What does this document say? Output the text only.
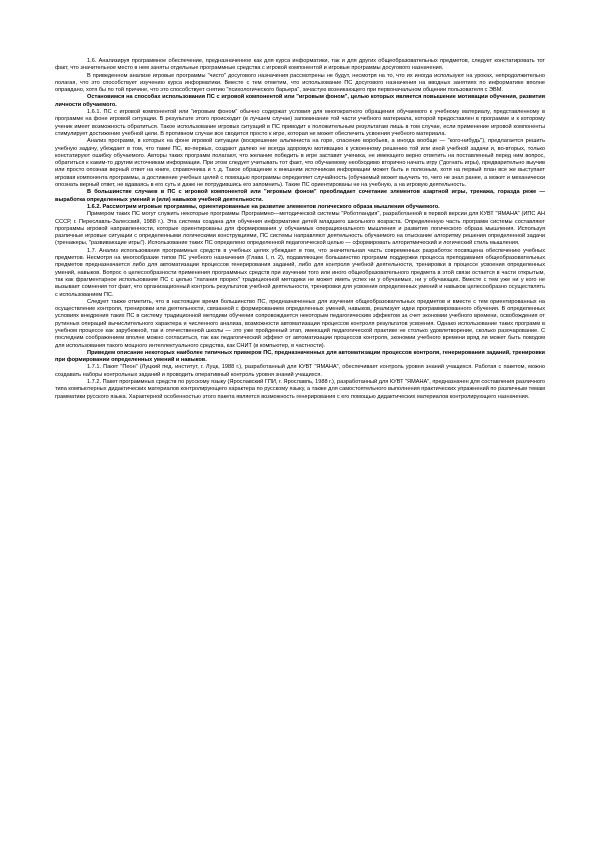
1.6. Анализируя программное обеспечение, предназначенное как для курса информатики, так и для других общеобразовательных предметов, следует констатировать тот факт, что значительное место в нем заняты отдельные программные средства с игровой компонентой и игровые программы досугового назначения.

В приведенном анализе игровые программы "чисто" досугового назначения рассмотрены не будут, несмотря на то, что их иногда используют на уроках, непродолжительно полагая, что это способствует изучению курса информатики. Вместе с тем отметим, что использование ПС досугового назначения на вводных занятиях по информатике вполне оправдано, хотя бы по той причине, что это способствует снятию "психологического барьера", зачастую возникающего при первоначальном общении пользователя с ЭВМ.

Остановимся на способах использования ПС с игровой компонентой или "игровым фоном", целью которых является повышение мотивации обучения, развития личности обучаемого.

1.6.1. ПС с игровой компонентой или "игровым фоном" обычно содержат условия для многократного обращения обучаемого к учебному материалу, представленному в программе на фоне игровой ситуации. В результате этого происходит (в лучшем случае) запоминание той части учебного материала, которой предоставлен в программе и к которому ученик имеет возможность обратиться. Такое использование игровых ситуаций в ПС приводит к положительным результатам лишь в том случае, если применение игровой компоненты стимулирует достижение учебной цели. В противном случае все сводится просто к игре, которая не может обеспечить усвоения учебного материала.

Анализ программ, в которых на фоне игровой ситуации (воскрешение альпиниста на горе, спасение воробьев, а иногда вообще — "кого-нибудь"), предлагается решить учебную задачу, убеждает в том, что такие ПС, во-первых, создают далеко не всегда здоровую мотивацию к усвоенному решению той или иной учебной задачи и, во-вторых, только констатируют ошибку обучаемого. Авторы таких программ полагают, что желание победить в игре заставит ученика, не имеющего верно ответить на поставленный перед ним вопрос, обратиться к каким-то другим источникам информации. При этом следует учитывать тот факт, что обучаемому необходимо вторично начать игру ("догнать игры), предварительно выучив или просто опознав верный ответ на книге, справочника и т. д. Такое обращение к внешним источникам информации может быть и полезным, хотя на первый план все же выступает игровая компонента программы, а достижение учебных целей с помощью программы определяет случайность (обучаемый может выучить то, чего не знал ранее, а может и механически опознать верный ответ, не вдаваясь в его суть и даже не потрудившись его запомнить). Такие ПС ориентированы не на учебную, а на игровую деятельность.

В большинстве случаев в ПС с игровой компонентой или "игровым фоном" преобладает сочетание элементов азартной игры, тренажа, горазда реже — выработка определенных умений и (или) навыков учебной деятельности.

1.6.2. Рассмотрим игровые программы, ориентированные на развитие элементов логического образа мышления обучаемого.

Примером таких ПС могут служить некоторые программы Программно—методической системы "Роботландия", разработанной в первой версии для КУВТ "ЯМАНА" (ИПС АН СССР, г. Переславль-Залесский, 1988 г.). Эта система создана для обучения информатике детей младшего школьного возраста. Определенную часть программ системы составляют программы игровой направленности, которые ориентированы для формирования у обучаемых операционального мышления и развития логического образа мышления. Используя различные игровые ситуации с определенными логическими конструкциями, ПС системы направляют деятельность обучаемого на отыскание алгоритму решения определенной задачи (тренажеры, "развивающие игры"). Использование таких ПС определено определенной педагогической целью — сформировать алгоритмический и логический стиль мышления.

1.7. Анализ использования программных средств в учебных целях убеждает в том, что значительная часть современных разработок посвящена обеспечению учебных предметов. Несмотря на многообразие типов ПС учебного назначения (Глава I, п. 2), подавляющее большинство программ поддержки процесса преподавания общеобразовательных предметов предназначается либо для автоматизации процессов генерирования заданий, либо для контроля учебной деятельности, тренировки в процессе усвоения определенных умений, навыков. Вопрос о целесообразности применения программных средств при изучении того или иного общеобразовательного предмета в этой связи остается в части открытым, так как фрагментарное использование ПС с целью "латания прорех" традиционной методики не может иметь успех ни у обучаемых, ни у обучающих. Вместе с тем уже ни у кого не вызывает сомнения тот факт, что организационный контроль результатов учебной деятельности, тренировки для усвоения определенных умений и навыков целесообразно осуществлять с использованием ПС.

Следует также отметить, что в настоящее время большинство ПС, предназначенных для изучения общеобразовательных предметов и вместе с тем ориентированных на осуществление контроля, тренировки или деятельности, связанной с формированием определенных умений, навыков, реализует идеи программированного обучения. В определенных условиях внедрения таких ПС в систему традиционной методики обучения сопровождается некоторым педагогическим эффектом за счет экономии учебного времени, освобождения от рутинных операций вычислительного характера и численного анализа, возможности автоматизации процессов контроля результатов усвоения. Однако использование таких программ в учебном процессе как зарубежной, так и отечественной школы — это уже пройденный этап, имеющий педагогической практике не столько удовлетворение, сколько разочарование. С последним соображением вполне можно согласиться, так как педагогический эффект от автоматизации процессов контроля, экономии учебного времени вряд ли может быть поводом для использования такого мощного интеллектуального средства, как СНИТ (в компьютер, в частности).

Приведем описание некоторых наиболее типичных примеров ПС, предназначенных для автоматизации процессов контроля, генерирования заданий, тренировки при формировании определенных умений и навыков.

1.7.1. Пакет "Пеон" (Луцкий пед. институт, г. Луцк, 1988 г.), разработанный для КУВТ "ЯМАНА", обеспечивает контроль уровня знаний учащихся. Работая с пакетом, можно создавать наборы контрольных заданий и проводить оперативный контроль уровня знаний учащихся.

1.7.2. Пакет программных средств по русскому языку (Ярославский ГПИ, г. Ярославль, 1988 г.), разработанный для КУВТ "ЯМАНА", предназначен для составления различного типа компьютерных дидактических материалов контролирующего характера по русскому языку, а также для самостоятельного выполнения практических упражнений по различным темам грамматики русского языка. Характерной особенностью этого пакета является возможность генерирования с его помощью дидактических материалов контролирующего назначения.
